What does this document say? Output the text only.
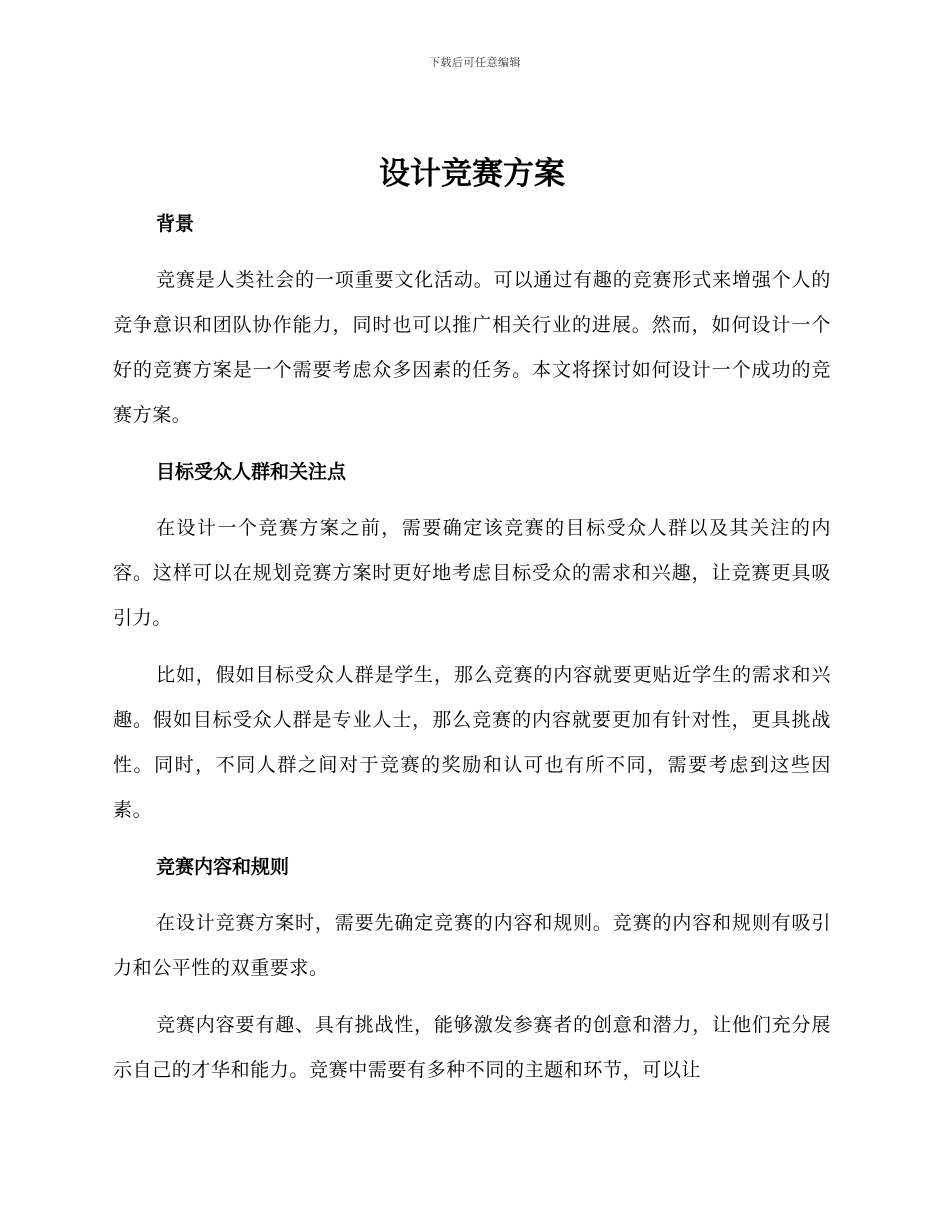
下载后可任意编辑
设计竞赛方案
背景

竞赛是人类社会的一项重要文化活动。可以通过有趣的竞赛形式来增强个人的竞争意识和团队协作能力，同时也可以推广相关行业的进展。然而，如何设计一个好的竞赛方案是一个需要考虑众多因素的任务。本文将探讨如何设计一个成功的竞赛方案。

目标受众人群和关注点

在设计一个竞赛方案之前，需要确定该竞赛的目标受众人群以及其关注的内容。这样可以在规划竞赛方案时更好地考虑目标受众的需求和兴趣，让竞赛更具吸引力。

比如，假如目标受众人群是学生，那么竞赛的内容就要更贴近学生的需求和兴趣。假如目标受众人群是专业人士，那么竞赛的内容就要更加有针对性，更具挑战性。同时，不同人群之间对于竞赛的奖励和认可也有所不同，需要考虑到这些因素。

竞赛内容和规则

在设计竞赛方案时，需要先确定竞赛的内容和规则。竞赛的内容和规则有吸引力和公平性的双重要求。

竞赛内容要有趣、具有挑战性，能够激发参赛者的创意和潜力，让他们充分展示自己的才华和能力。竞赛中需要有多种不同的主题和环节，可以让
